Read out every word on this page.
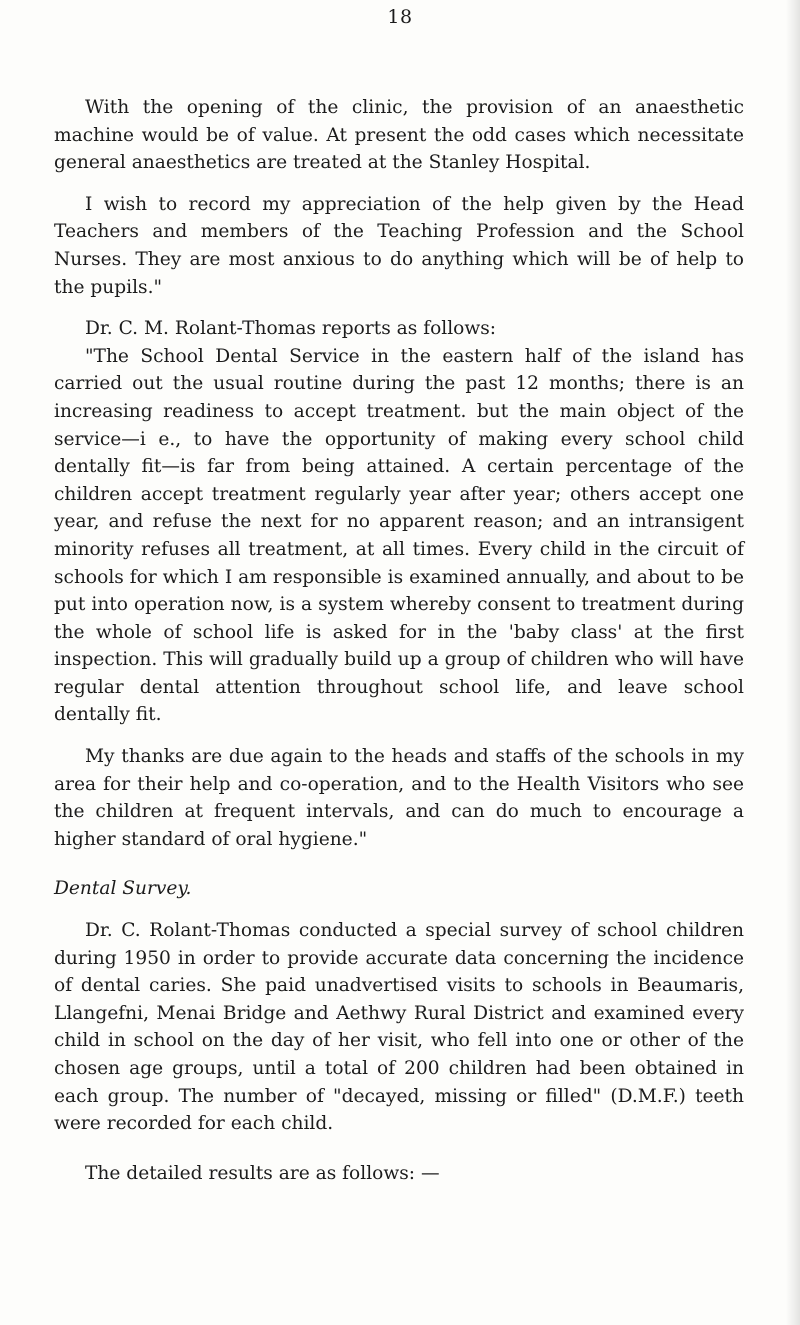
18

With the opening of the clinic, the provision of an anaesthetic machine would be of value. At present the odd cases which necessitate general anaesthetics are treated at the Stanley Hospital.

I wish to record my appreciation of the help given by the Head Teachers and members of the Teaching Profession and the School Nurses. They are most anxious to do anything which will be of help to the pupils."

Dr. C. M. Rolant-Thomas reports as follows:

"The School Dental Service in the eastern half of the island has carried out the usual routine during the past 12 months; there is an increasing readiness to accept treatment. but the main object of the service—i e., to have the opportunity of making every school child dentally fit—is far from being attained. A certain percentage of the children accept treatment regularly year after year; others accept one year, and refuse the next for no apparent reason; and an intransigent minority refuses all treatment, at all times. Every child in the circuit of schools for which I am responsible is examined annually, and about to be put into operation now, is a system whereby consent to treatment during the whole of school life is asked for in the 'baby class' at the first inspection. This will gradually build up a group of children who will have regular dental attention throughout school life, and leave school dentally fit.

My thanks are due again to the heads and staffs of the schools in my area for their help and co-operation, and to the Health Visitors who see the children at frequent intervals, and can do much to encourage a higher standard of oral hygiene."

Dental Survey.

Dr. C. Rolant-Thomas conducted a special survey of school children during 1950 in order to provide accurate data concerning the incidence of dental caries. She paid unadvertised visits to schools in Beaumaris, Llangefni, Menai Bridge and Aethwy Rural District and examined every child in school on the day of her visit, who fell into one or other of the chosen age groups, until a total of 200 children had been obtained in each group. The number of "decayed, missing or filled" (D.M.F.) teeth were recorded for each child.

The detailed results are as follows: —
